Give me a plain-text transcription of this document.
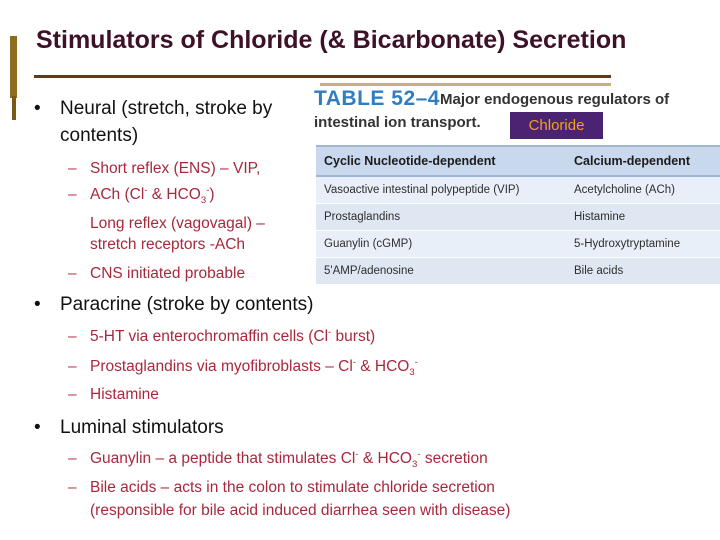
Stimulators of Chloride (& Bicarbonate) Secretion
• Neural (stretch, stroke by
contents)
– Short reflex (ENS) – VIP,
– ACh (Cl- & $HCO_3^-$)
Long reflex (vagovagal) –
stretch receptors -ACh
– CNS initiated probable
TABLE 52–4 Major endogenous regulators of
intestinal ion transport.	Chloride
Cyclic Nucleotide-dependent	Calcium-dependent
Vasoactive intestinal polypeptide (VIP)	Acetylcholine (ACh)
Prostaglandins	Histamine
Guanylin (cGMP)	5-Hydroxytryptamine
5'AMP/adenosine	Bile acids
• Paracrine (stroke by contents)
– 5-HT via enterochromaffin cells (Cl- burst)
– Prostaglandins via myofibroblasts – Cl- & $HCO_3^-$
– Histamine
• Luminal stimulators
– Guanylin – a peptide that stimulates Cl- & $HCO_3^-$ secretion
– Bile acids – acts in the colon to stimulate chloride secretion
(responsible for bile acid induced diarrhea seen with disease)
